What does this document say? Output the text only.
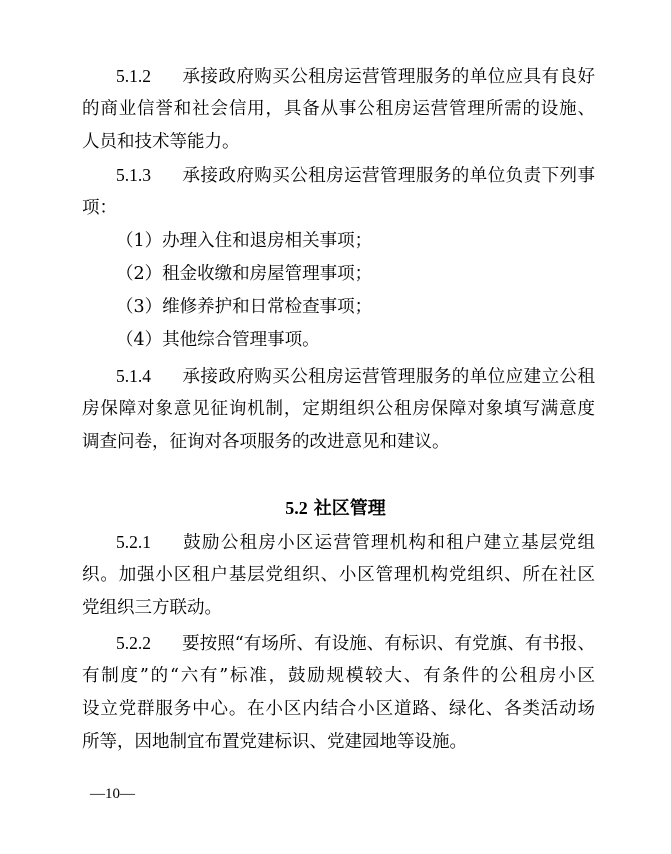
5.1.2 承接政府购买公租房运营管理服务的单位应具有良好
的商业信誉和社会信用，具备从事公租房运营管理所需的设施、
人员和技术等能力。
5.1.3 承接政府购买公租房运营管理服务的单位负责下列事
项：
（1）办理入住和退房相关事项；
（2）租金收缴和房屋管理事项；
（3）维修养护和日常检查事项；
（4）其他综合管理事项。
5.1.4 承接政府购买公租房运营管理服务的单位应建立公租
房保障对象意见征询机制，定期组织公租房保障对象填写满意度
调查问卷，征询对各项服务的改进意见和建议。
5.2 社区管理
5.2.1 鼓励公租房小区运营管理机构和租户建立基层党组
织。加强小区租户基层党组织、小区管理机构党组织、所在社区
党组织三方联动。
5.2.2 要按照“有场所、有设施、有标识、有党旗、有书报、
有制度”的“六有”标准，鼓励规模较大、有条件的公租房小区
设立党群服务中心。在小区内结合小区道路、绿化、各类活动场
所等，因地制宜布置党建标识、党建园地等设施。
—10—
